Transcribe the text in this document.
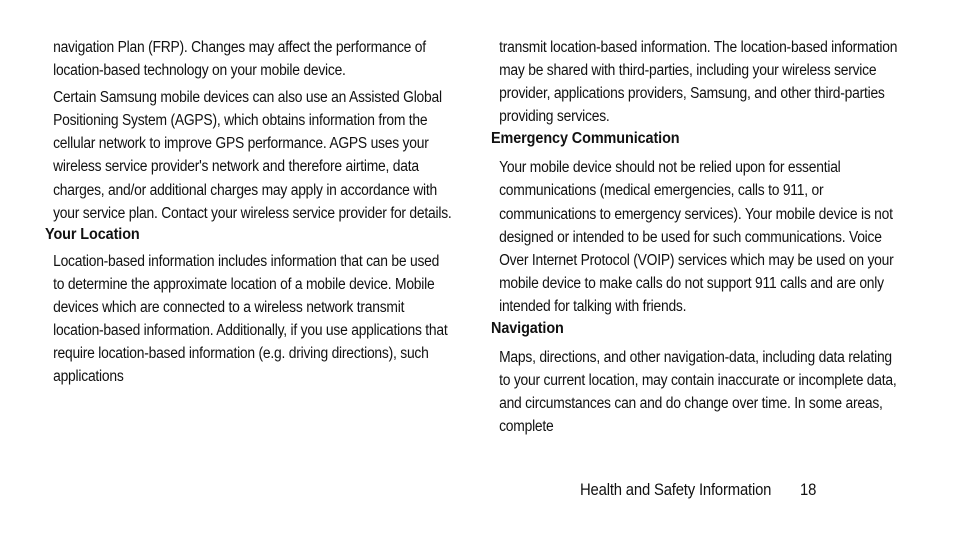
navigation Plan (FRP). Changes may affect the performance of location-based technology on your mobile device.

Certain Samsung mobile devices can also use an Assisted Global Positioning System (AGPS), which obtains information from the cellular network to improve GPS performance. AGPS uses your wireless service provider's network and therefore airtime, data charges, and/or additional charges may apply in accordance with your service plan. Contact your wireless service provider for details.

Your Location

Location-based information includes information that can be used to determine the approximate location of a mobile device. Mobile devices which are connected to a wireless network transmit location-based information. Additionally, if you use applications that require location-based information (e.g. driving directions), such applications

transmit location-based information. The location-based information may be shared with third-parties, including your wireless service provider, applications providers, Samsung, and other third-parties providing services.

Emergency Communication

Your mobile device should not be relied upon for essential communications (medical emergencies, calls to 911, or communications to emergency services). Your mobile device is not designed or intended to be used for such communications. Voice Over Internet Protocol (VOIP) services which may be used on your mobile device to make calls do not support 911 calls and are only intended for talking with friends.

Navigation

Maps, directions, and other navigation-data, including data relating to your current location, may contain inaccurate or incomplete data, and circumstances can and do change over time. In some areas, complete

Health and Safety Information 18
